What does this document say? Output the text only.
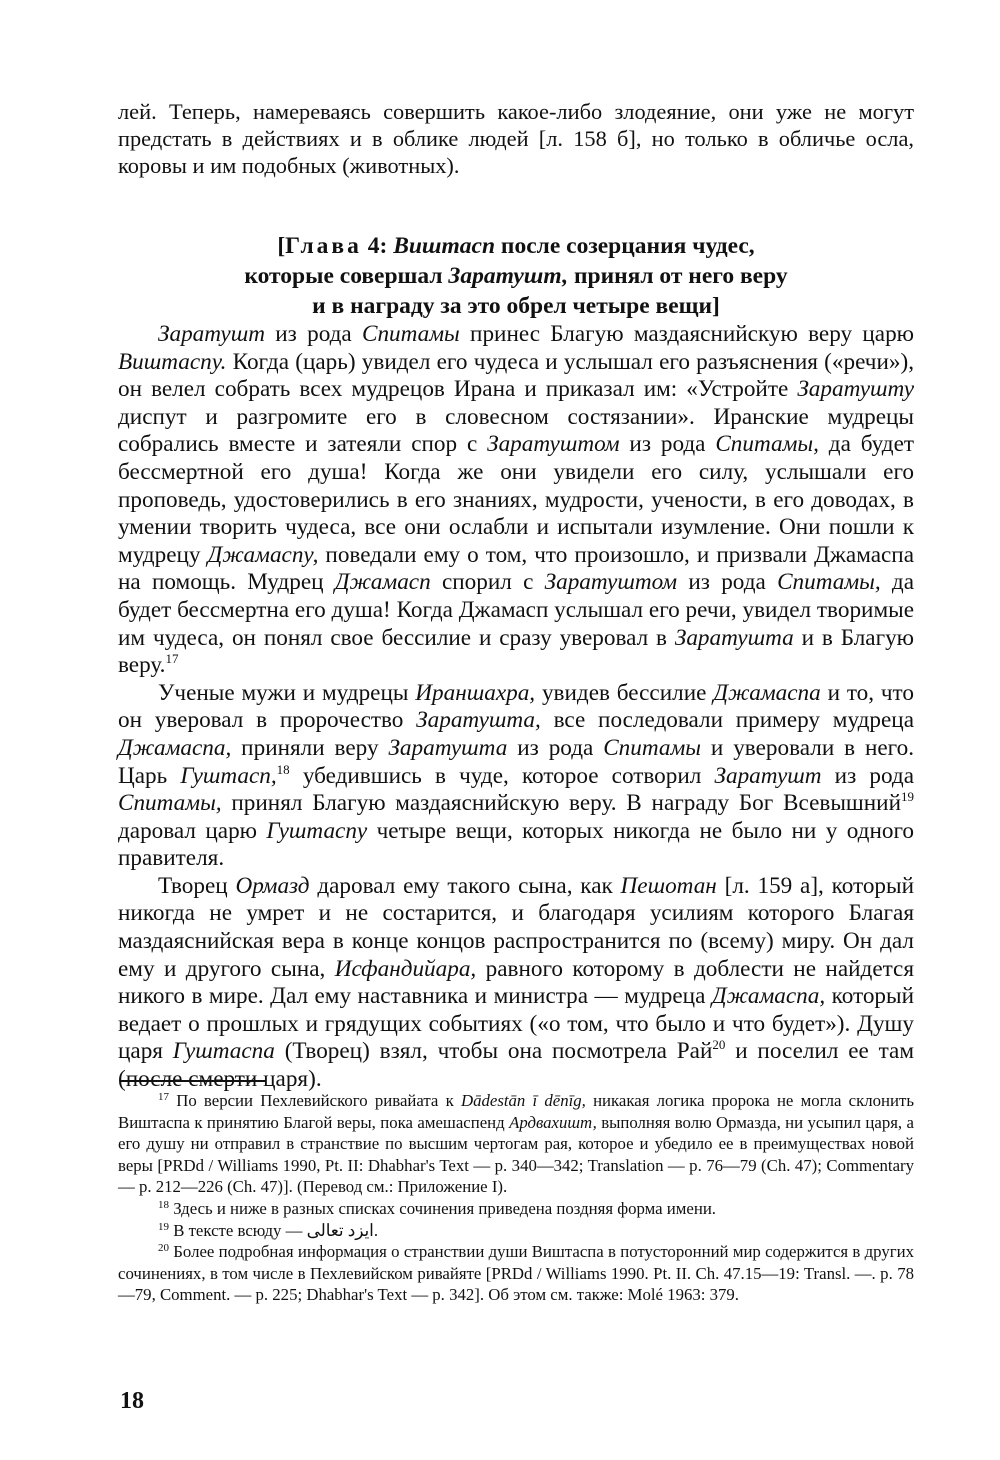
лей. Теперь, намереваясь совершить какое-либо злодеяние, они уже не могут предстать в действиях и в облике людей [л. 158 б], но только в обличье осла, коровы и им подобных (животных).

[Глава 4: Виштасп после созерцания чудес,
которые совершал Заратушт, принял от него веру
и в награду за это обрел четыре вещи]

Заратушт из рода Спитамы принес Благую маздаяснийскую веру царю Виштаспу. Когда (царь) увидел его чудеса и услышал его разъяснения («речи»), он велел собрать всех мудрецов Ирана и приказал им: «Устройте Заратушту диспут и разгромите его в словесном состязании». Иранские мудрецы собрались вместе и затеяли спор с Заратуштом из рода Спитамы, да будет бессмертной его душа! Когда же они увидели его силу, услышали его проповедь, удостоверились в его знаниях, мудрости, учености, в его доводах, в умении творить чудеса, все они ослабли и испытали изумление. Они пошли к мудрецу Джамаспу, поведали ему о том, что произошло, и призвали Джамаспа на помощь. Мудрец Джамасп спорил с Заратуштом из рода Спитамы, да будет бессмертна его душа! Когда Джамасп услышал его речи, увидел творимые им чудеса, он понял свое бессилие и сразу уверовал в Заратушта и в Благую веру.$^{17}$

Ученые мужи и мудрецы Ираншахра, увидев бессилие Джамаспа и то, что он уверовал в пророчество Заратушта, все последовали примеру мудреца Джамаспа, приняли веру Заратушта из рода Спитамы и уверовали в него. Царь Гуштасп,$^{18}$ убедившись в чуде, которое сотворил Заратушт из рода Спитамы, принял Благую маздаяснийскую веру. В награду Бог Всевышний$^{19}$ даровал царю Гуштаспу четыре вещи, которых никогда не было ни у одного правителя.

Творец Ормазд даровал ему такого сына, как Пешотан [л. 159 а], который никогда не умрет и не состарится, и благодаря усилиям которого Благая маздаяснийская вера в конце концов распространится по (всему) миру. Он дал ему и другого сына, Исфандийара, равного которому в доблести не найдется никого в мире. Дал ему наставника и министра — мудреца Джамаспа, который ведает о прошлых и грядущих событиях («о том, что было и что будет»). Душу царя Гуштаспа (Творец) взял, чтобы она посмотрела Рай$^{20}$ и поселил ее там (после смерти царя).

$^{17}$ По версии Пехлевийского ривайата к Dādestān ī dēnīg, никакая логика пророка не могла склонить Виштаспа к принятию Благой веры, пока амешаспенд Ардвахишт, выполняя волю Ормазда, ни усыпил царя, а его душу ни отправил в странствие по высшим чертогам рая, которое и убедило ее в преимуществах новой веры [PRDd / Williams 1990, Pt. II: Dhabhar's Text — p. 340—342; Translation — p. 76—79 (Ch. 47); Commentary — p. 212—226 (Ch. 47)]. (Перевод см.: Приложение I).

$^{18}$ Здесь и ниже в разных списках сочинения приведена поздняя форма имени.

$^{19}$ В тексте всюду — ایزد تعالی.

$^{20}$ Более подробная информация о странствии души Виштаспа в потусторонний мир содержится в других сочинениях, в том числе в Пехлевийском ривайяте [PRDd / Williams 1990. Pt. II. Ch. 47.15—19: Transl. —. p. 78—79, Comment. — p. 225; Dhabhar's Text — p. 342]. Об этом см. также: Molé 1963: 379.

18
